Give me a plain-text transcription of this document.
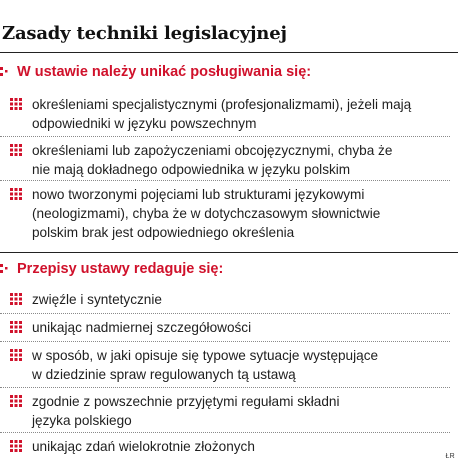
Zasady techniki legislacyjnej
W ustawie należy unikać posługiwania się:
określeniami specjalistycznymi (profesjonalizmami), jeżeli mają
odpowiedniki w języku powszechnym
określeniami lub zapożyczeniami obcojęzycznymi, chyba że
nie mają dokładnego odpowiednika w języku polskim
nowo tworzonymi pojęciami lub strukturami językowymi
(neologizmami), chyba że w dotychczasowym słownictwie
polskim brak jest odpowiedniego określenia
Przepisy ustawy redaguje się:
zwięźle i syntetycznie
unikając nadmiernej szczegółowości
w sposób, w jaki opisuje się typowe sytuacje występujące
w dziedzinie spraw regulowanych tą ustawą
zgodnie z powszechnie przyjętymi regułami składni
języka polskiego
unikając zdań wielokrotnie złożonych
ŁR
